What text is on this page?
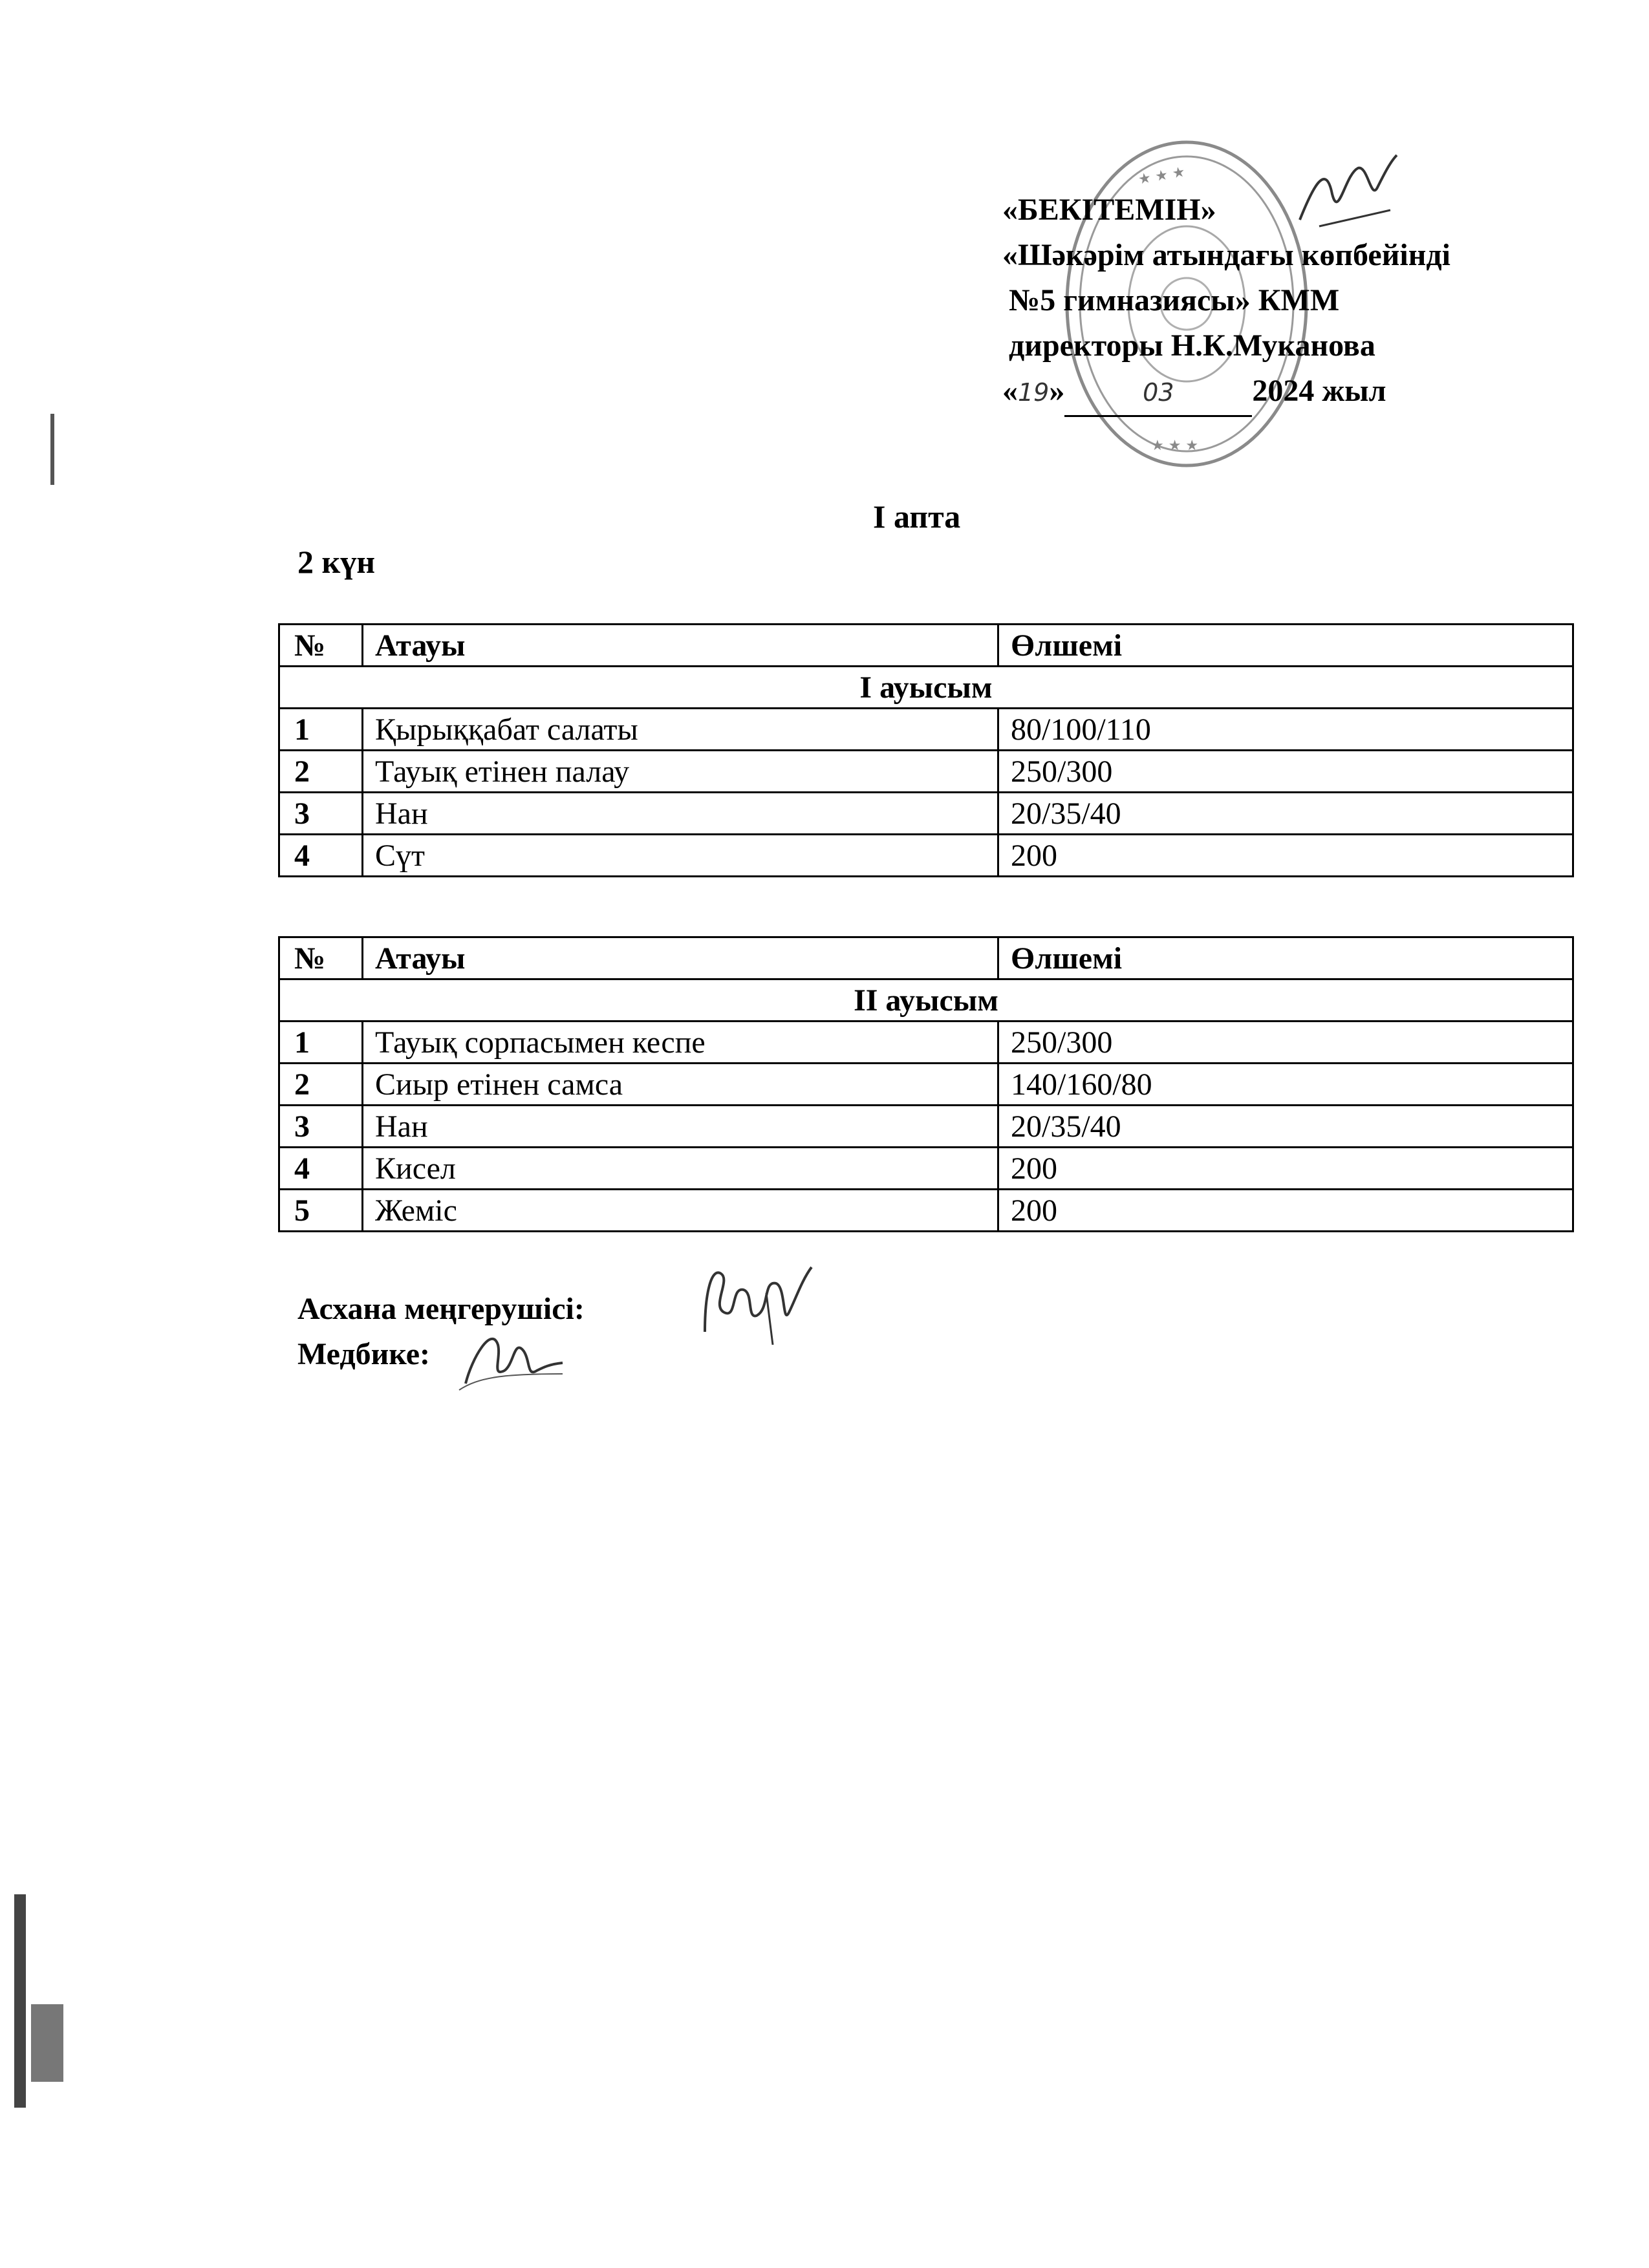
★ ★ ★
★ ★ ★
«БЕКІТЕМІН»
«Шәкәрім атындағы көпбейінді
№5 гимназиясы» КММ
директоры Н.К.Муканова
«19»	03	2024 жыл
І апта
2 күн
№	Атауы	Өлшемі
І ауысым		
1	Қырыққабат салаты	80/100/110
2	Тауық етінен палау	250/300
3	Нан	20/35/40
4	Сүт	200
№	Атауы	Өлшемі
ІІ ауысым		
1	Тауық сорпасымен кеспе	250/300
2	Сиыр етінен самса	140/160/80
3	Нан	20/35/40
4	Кисел	200
5	Жеміс	200
Асхана меңгерушісі:
Медбике:
